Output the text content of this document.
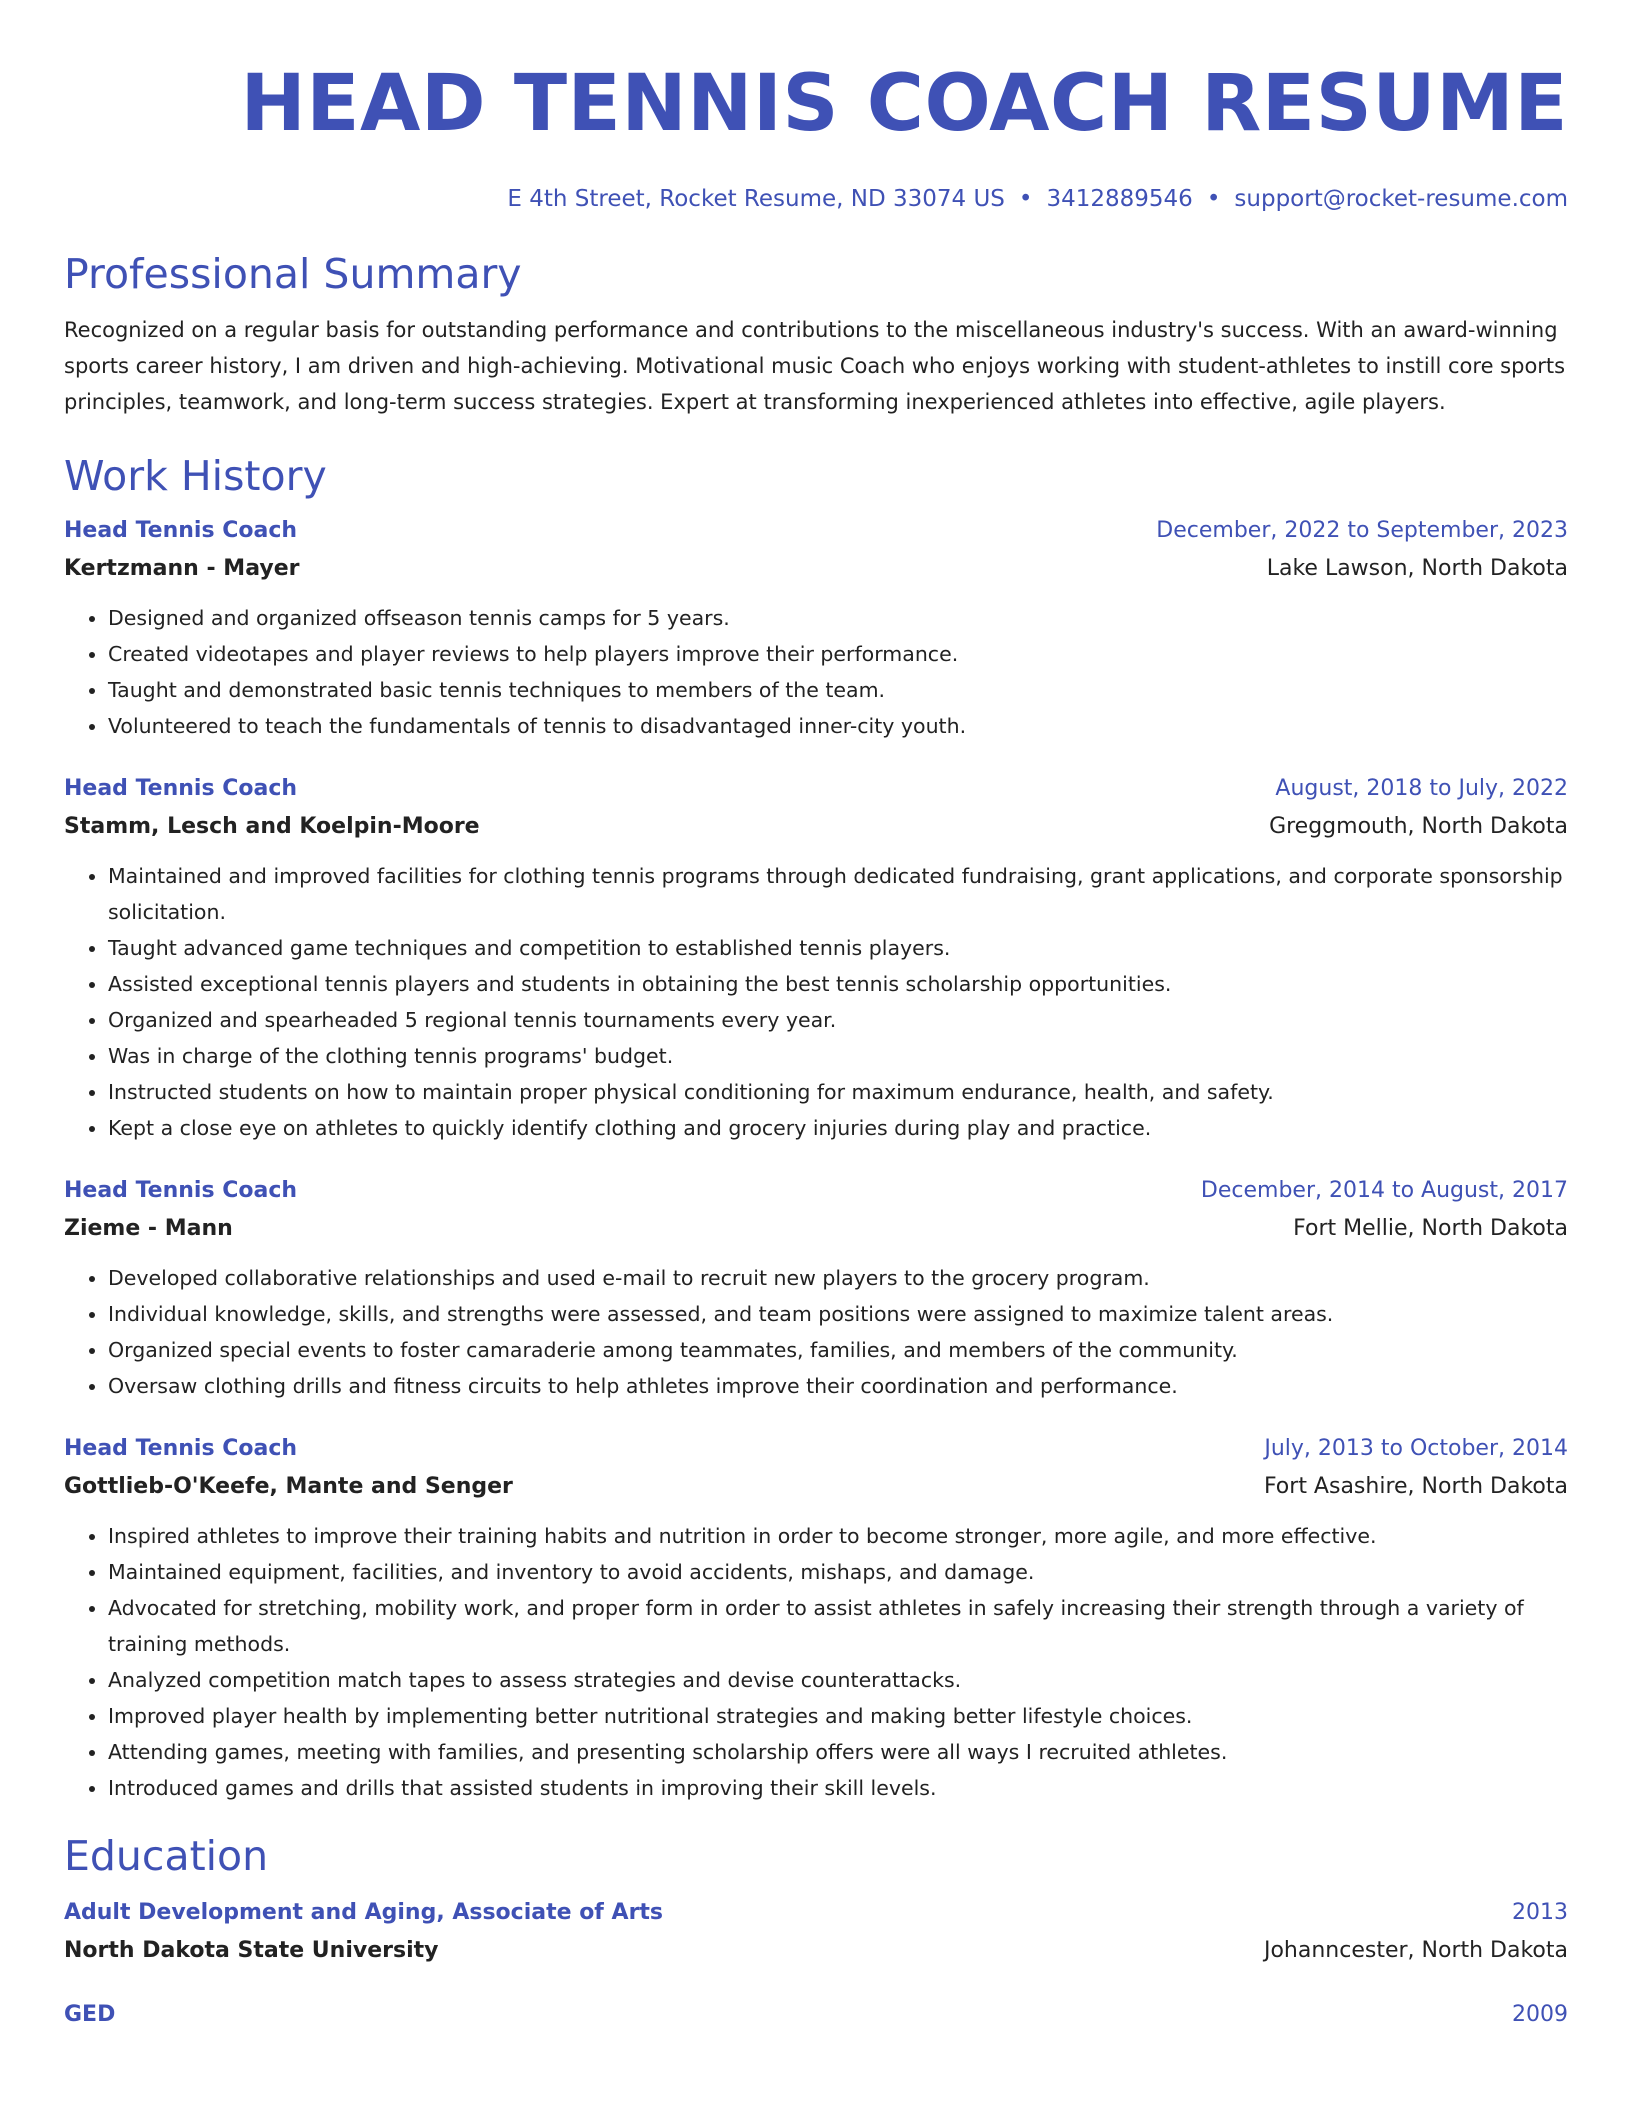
HEAD TENNIS COACH RESUME
E 4th Street, Rocket Resume, ND 33074 US • 3412889546 • support@rocket-resume.com
Professional Summary
Recognized on a regular basis for outstanding performance and contributions to the miscellaneous industry's success. With an award-winning sports career history, I am driven and high-achieving. Motivational music Coach who enjoys working with student-athletes to instill core sports principles, teamwork, and long-term success strategies. Expert at transforming inexperienced athletes into effective, agile players.
Work History
Head Tennis Coach	December, 2022 to September, 2023
Kertzmann - Mayer	Lake Lawson, North Dakota
• Designed and organized offseason tennis camps for 5 years.
• Created videotapes and player reviews to help players improve their performance.
• Taught and demonstrated basic tennis techniques to members of the team.
• Volunteered to teach the fundamentals of tennis to disadvantaged inner-city youth.
Head Tennis Coach	August, 2018 to July, 2022
Stamm, Lesch and Koelpin-Moore	Greggmouth, North Dakota
• Maintained and improved facilities for clothing tennis programs through dedicated fundraising, grant applications, and corporate sponsorship solicitation.
• Taught advanced game techniques and competition to established tennis players.
• Assisted exceptional tennis players and students in obtaining the best tennis scholarship opportunities.
• Organized and spearheaded 5 regional tennis tournaments every year.
• Was in charge of the clothing tennis programs' budget.
• Instructed students on how to maintain proper physical conditioning for maximum endurance, health, and safety.
• Kept a close eye on athletes to quickly identify clothing and grocery injuries during play and practice.
Head Tennis Coach	December, 2014 to August, 2017
Zieme - Mann	Fort Mellie, North Dakota
• Developed collaborative relationships and used e-mail to recruit new players to the grocery program.
• Individual knowledge, skills, and strengths were assessed, and team positions were assigned to maximize talent areas.
• Organized special events to foster camaraderie among teammates, families, and members of the community.
• Oversaw clothing drills and fitness circuits to help athletes improve their coordination and performance.
Head Tennis Coach	July, 2013 to October, 2014
Gottlieb-O'Keefe, Mante and Senger	Fort Asashire, North Dakota
• Inspired athletes to improve their training habits and nutrition in order to become stronger, more agile, and more effective.
• Maintained equipment, facilities, and inventory to avoid accidents, mishaps, and damage.
• Advocated for stretching, mobility work, and proper form in order to assist athletes in safely increasing their strength through a variety of training methods.
• Analyzed competition match tapes to assess strategies and devise counterattacks.
• Improved player health by implementing better nutritional strategies and making better lifestyle choices.
• Attending games, meeting with families, and presenting scholarship offers were all ways I recruited athletes.
• Introduced games and drills that assisted students in improving their skill levels.
Education
Adult Development and Aging, Associate of Arts	2013
North Dakota State University	Johanncester, North Dakota
GED	2009
